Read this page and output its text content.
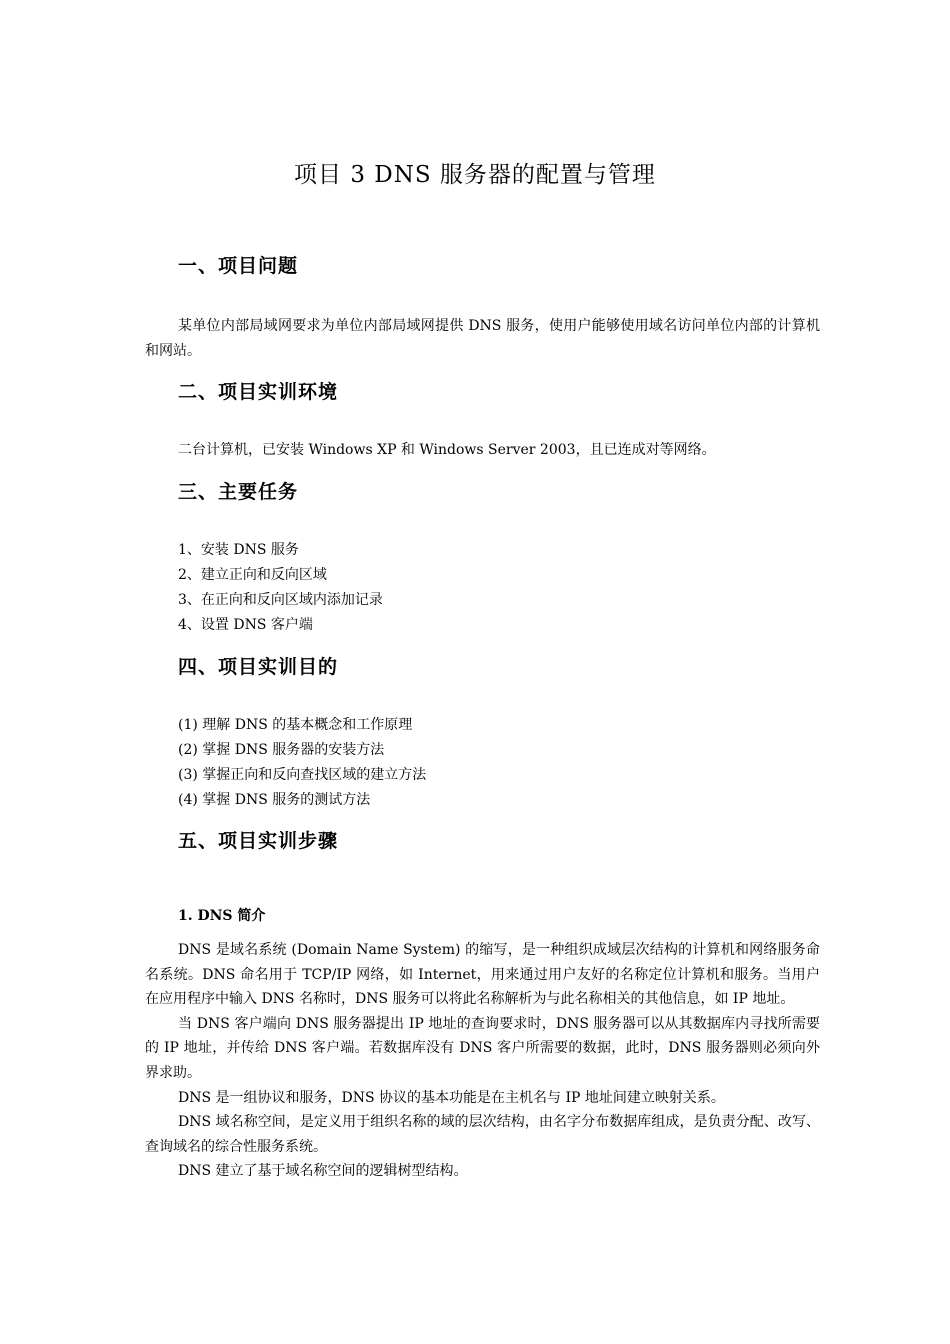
项目 3 DNS 服务器的配置与管理
一、项目问题

某单位内部局域网要求为单位内部局域网提供 DNS 服务，使用户能够使用域名访问单位内部的计算机和网站。

二、项目实训环境

二台计算机，已安装 Windows XP 和 Windows Server 2003，且已连成对等网络。

三、主要任务
1、安装 DNS 服务
2、建立正向和反向区域
3、在正向和反向区域内添加记录
4、设置 DNS 客户端
四、项目实训目的
(1) 理解 DNS 的基本概念和工作原理
(2) 掌握 DNS 服务器的安装方法
(3) 掌握正向和反向查找区域的建立方法
(4) 掌握 DNS 服务的测试方法
五、项目实训步骤
1. DNS 简介

DNS 是域名系统 (Domain Name System) 的缩写，是一种组织成域层次结构的计算机和网络服务命名系统。DNS 命名用于 TCP/IP 网络，如 Internet，用来通过用户友好的名称定位计算机和服务。当用户在应用程序中输入 DNS 名称时，DNS 服务可以将此名称解析为与此名称相关的其他信息，如 IP 地址。

当 DNS 客户端向 DNS 服务器提出 IP 地址的查询要求时，DNS 服务器可以从其数据库内寻找所需要的 IP 地址，并传给 DNS 客户端。若数据库没有 DNS 客户所需要的数据，此时，DNS 服务器则必须向外界求助。

DNS 是一组协议和服务，DNS 协议的基本功能是在主机名与 IP 地址间建立映射关系。

DNS 域名称空间，是定义用于组织名称的域的层次结构，由名字分布数据库组成，是负责分配、改写、查询域名的综合性服务系统。

DNS 建立了基于域名称空间的逻辑树型结构。
